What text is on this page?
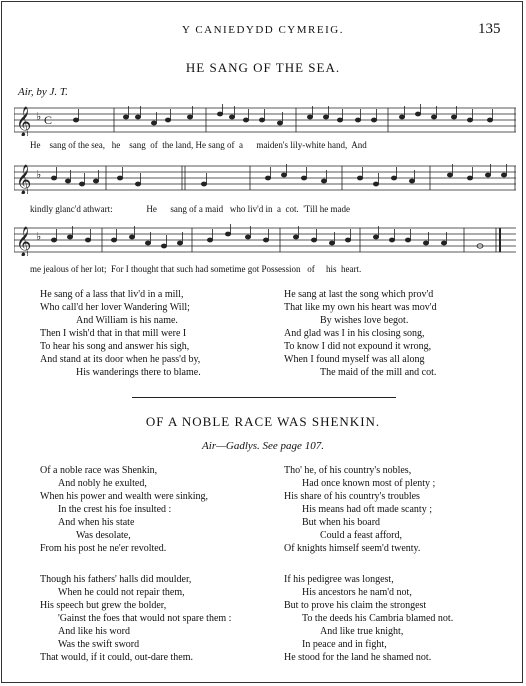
Y CANIEDYDD CYMREIG.	135
HE SANG OF THE SEA.
Air, by J. T.
𝄞 ♭ C
He    sang of the sea,   he    sang  of  the land, He sang of  a      maiden's lily-white hand,  And
𝄞 ♭
kindly glanc'd athwart:               He      sang of a maid   who liv'd in  a  cot.  'Till he made
𝄞 ♭
me jealous of her lot;  For I thought that such had sometime got Possession   of     his  heart.
He sang of a lass that liv'd in a mill,
Who call'd her lover Wandering Will;
And William is his name.
Then I wish'd that in that mill were I
To hear his song and answer his sigh,
And stand at its door when he pass'd by,
His wanderings there to blame.
He sang at last the song which prov'd
That like my own his heart was mov'd
By wishes love begot.
And glad was I in his closing song,
To know I did not expound it wrong,
When I found myself was all along
The maid of the mill and cot.
OF A NOBLE RACE WAS SHENKIN.
Air—Gadlys. See page 107.
Of a noble race was Shenkin,
And nobly he exulted,
When his power and wealth were sinking,
In the crest his foe insulted :
And when his state
Was desolate,
From his post he ne'er revolted.
Tho' he, of his country's nobles,
Had once known most of plenty ;
His share of his country's troubles
His means had oft made scanty ;
But when his board
Could a feast afford,
Of knights himself seem'd twenty.
Though his fathers' halls did moulder,
When he could not repair them,
His speech but grew the bolder,
'Gainst the foes that would not spare them :
And like his word
Was the swift sword
That would, if it could, out-dare them.
If his pedigree was longest,
His ancestors he nam'd not,
But to prove his claim the strongest
To the deeds his Cambria blamed not.
And like true knight,
In peace and in fight,
He stood for the land he shamed not.
